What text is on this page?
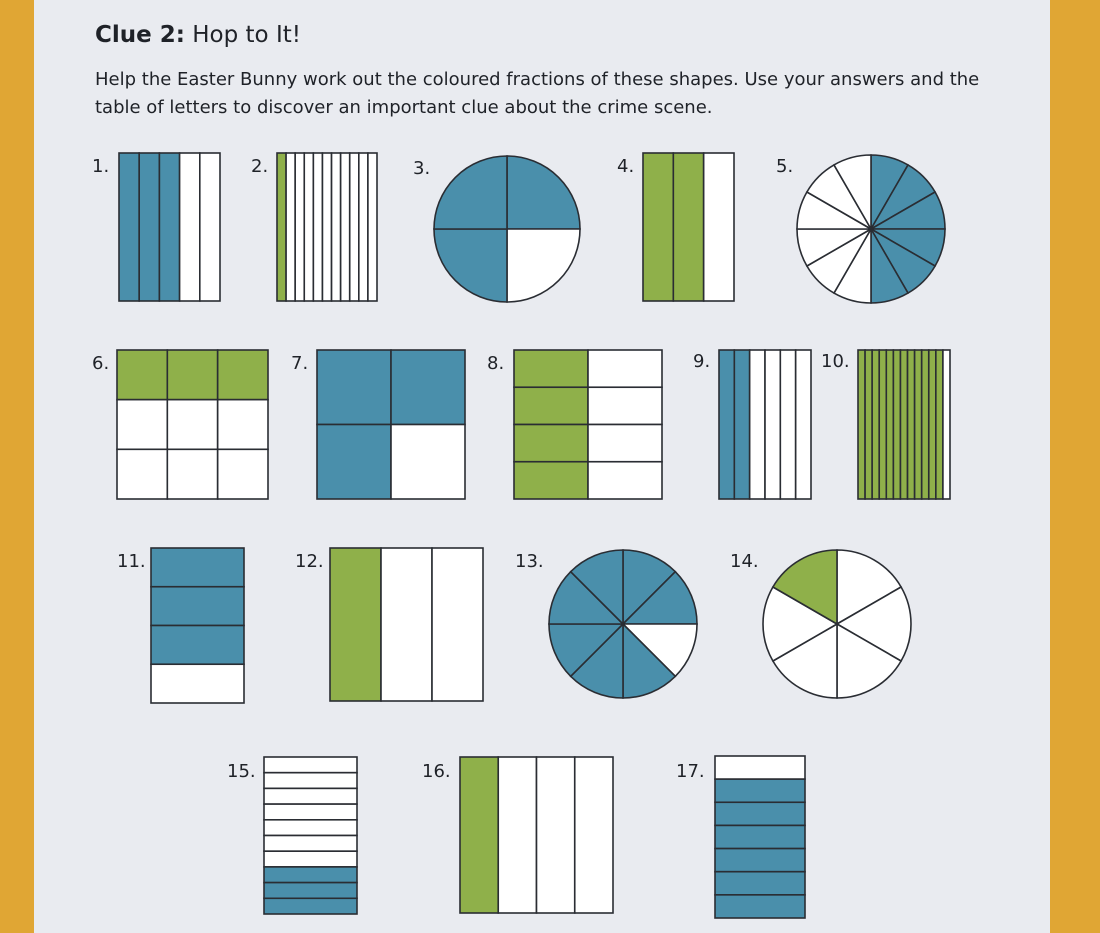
Clue 2: Hop to It!
Help the Easter Bunny work out the coloured fractions of these shapes. Use your answers and the table of letters to discover an important clue about the crime scene.
1.	2.	3.	4.	5.
6.	7.	8.	9.	10.
11.	12.	13.	14.
15.	16.	17.
